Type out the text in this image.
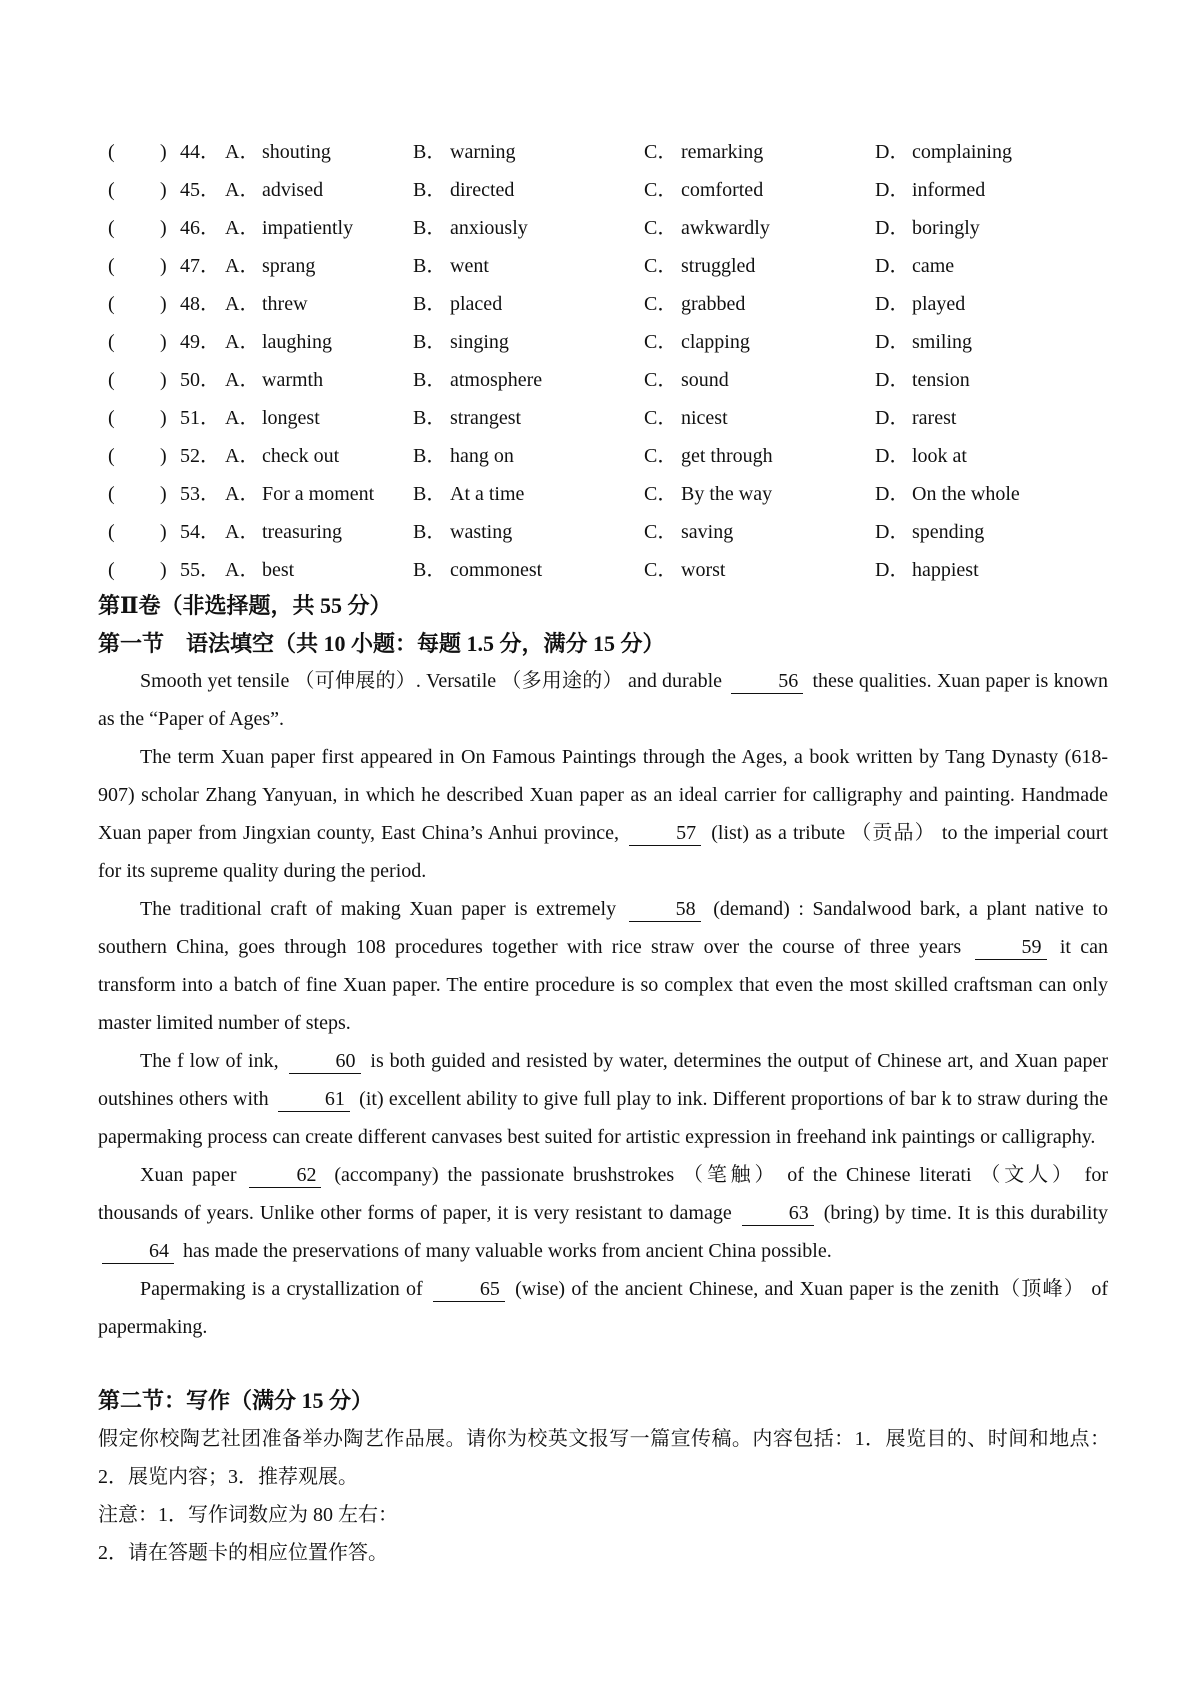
( ) 44． A． shouting	B． warning	C． remarking	D． complaining
( ) 45． A． advised	B． directed	C． comforted	D． informed
( ) 46． A． impatiently	B． anxiously	C． awkwardly	D． boringly
( ) 47． A． sprang	B． went	C． struggled	D． came
( ) 48． A． threw	B． placed	C． grabbed	D． played
( ) 49． A． laughing	B． singing	C． clapping	D． smiling
( ) 50． A． warmth	B． atmosphere	C． sound	D． tension
( ) 51． A． longest	B． strangest	C． nicest	D． rarest
( ) 52． A． check out	B． hang on	C． get through	D． look at
( ) 53． A． For a moment B． At a time	C． By the way	D． On the whole
( ) 54． A． treasuring	B． wasting	C． saving	D． spending
( ) 55． A． best	B． commonest	C． worst	D． happiest
第Ⅱ卷（非选择题，共 55 分）
第一节　语法填空（共 10 小题：每题 1.5 分，满分 15 分）

Smooth yet tensile （可伸展的）. Versatile （多用途的） and durable	56 these qualities. Xuan paper is known as the “Paper of Ages”.

The term Xuan paper first appeared in On Famous Paintings through the Ages, a book written by Tang Dynasty (618-907) scholar Zhang Yanyuan, in which he described Xuan paper as an ideal carrier for calligraphy and painting. Handmade Xuan paper from Jingxian county, East China’s Anhui province,	57 (list) as a tribute （贡品） to the imperial court for its supreme quality during the period.

The traditional craft of making Xuan paper is extremely	58 (demand) : Sandalwood bark, a plant native to southern China, goes through 108 procedures together with rice straw over the course of three years	59 it can transform into a batch of fine Xuan paper. The entire procedure is so complex that even the most skilled craftsman can only master limited number of steps.

The f low of ink,	60 is both guided and resisted by water, determines the output of Chinese art, and Xuan paper outshines others with	61 (it) excellent ability to give full play to ink. Different proportions of bar k to straw during the papermaking process can create different canvases best suited for artistic expression in freehand ink paintings or calligraphy.

Xuan paper	62 (accompany) the passionate brushstrokes （笔触） of the Chinese literati （文人） for thousands of years. Unlike other forms of paper, it is very resistant to damage	63 (bring) by time. It is this durability 64 has made the preservations of many valuable works from ancient China possible.

Papermaking is a crystallization of	65 (wise) of the ancient Chinese, and Xuan paper is the zenith（顶峰） of papermaking.

第二节：写作（满分 15 分）

假定你校陶艺社团准备举办陶艺作品展。请你为校英文报写一篇宣传稿。内容包括：1．展览目的、时间和地点：2．展览内容；3．推荐观展。

注意：1．写作词数应为 80 左右：

2．请在答题卡的相应位置作答。
